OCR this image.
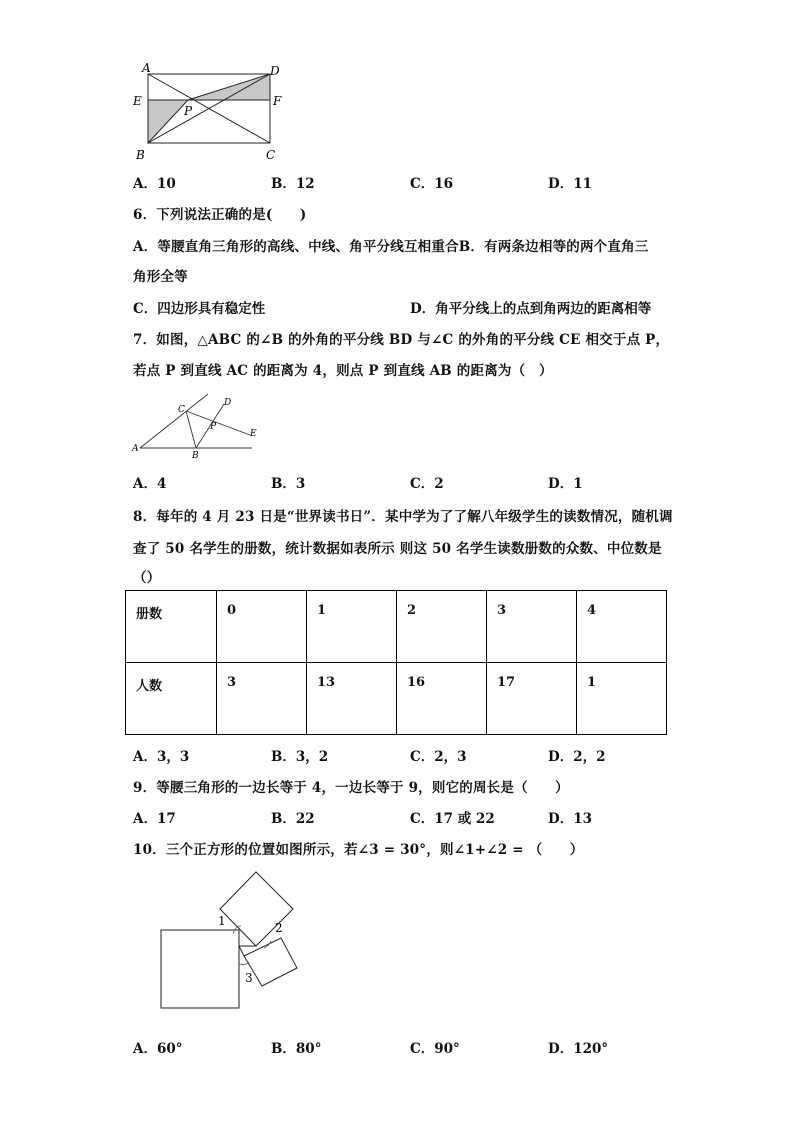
A	D
E	F
P
B	C
A．10	B．12	C．16	D．11
6．下列说法正确的是(　　)
A．等腰直角三角形的高线、中线、角平分线互相重合B．有两条边相等的两个直角三
角形全等
C．四边形具有稳定性	D．角平分线上的点到角两边的距离相等
7．如图，△ABC 的∠B 的外角的平分线 BD 与∠C 的外角的平分线 CE 相交于点 P，
若点 P 到直线 AC 的距离为 4，则点 P 到直线 AB 的距离为（　）
C
D
P
E
A
B
A．4	B．3	C．2	D．1
8．每年的 4 月 23 日是“世界读书日”．某中学为了了解八年级学生的读数情况，随机调
查了 50 名学生的册数，统计数据如表所示 则这 50 名学生读数册数的众数、中位数是
（）
册数	0	1	2	3	4
人数	3	13	16	17	1
A．3，3	B．3，2	C．2，3	D．2，2
9．等腰三角形的一边长等于 4，一边长等于 9，则它的周长是（　　）
A．17	B．22	C．17 或 22	D．13
10．三个正方形的位置如图所示，若∠3 = 30°，则∠1+∠2 = （　　）
1	2
3
A．60°	B．80°	C．90°	D．120°
